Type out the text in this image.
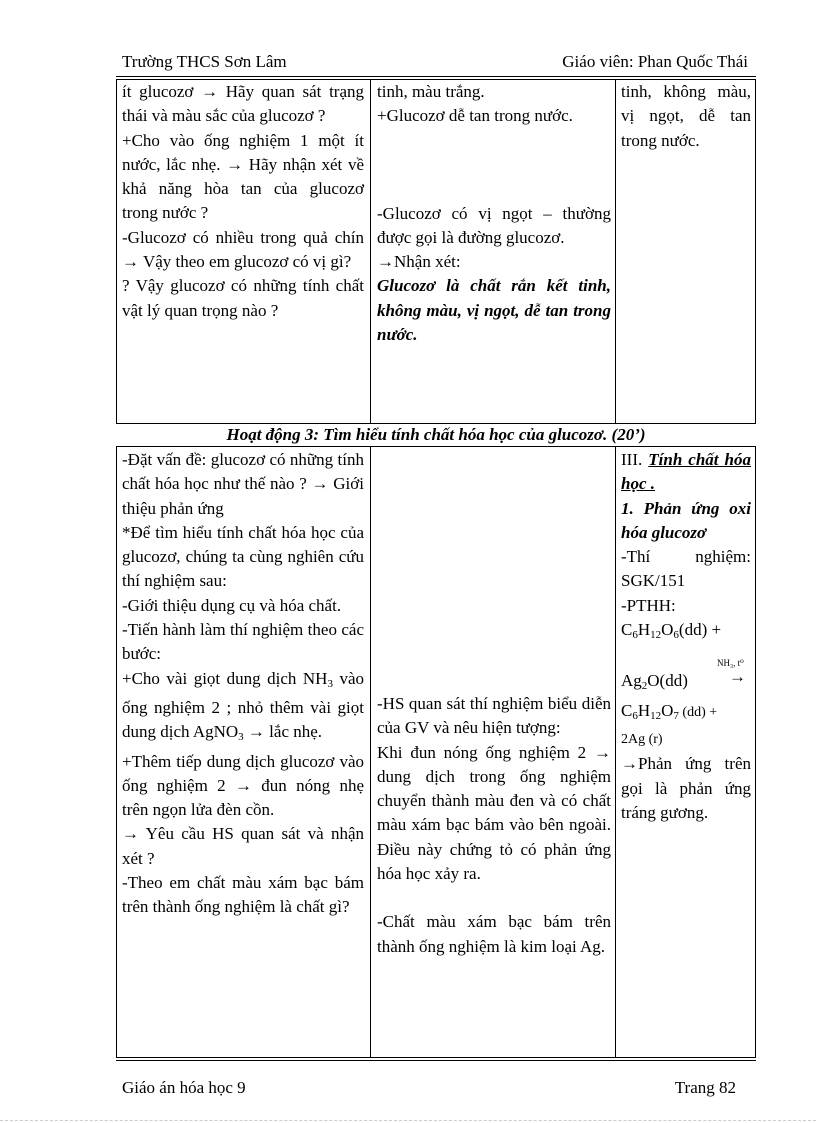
Trường THCS Sơn Lâm	Giáo viên: Phan Quốc Thái

ít glucozơ → Hãy quan sát trạng thái và màu sắc của glucozơ ?

+Cho vào ống nghiệm 1 một ít nước, lắc nhẹ. → Hãy nhận xét về khả năng hòa tan của glucozơ trong nước ?

-Glucozơ có nhiều trong quả chín → Vậy theo em glucozơ có vị gì?

? Vậy glucozơ có những tính chất vật lý quan trọng nào ?

tinh, màu trắng.

+Glucozơ dễ tan trong nước.

-Glucozơ có vị ngọt – thường được gọi là đường glucozơ.

→Nhận xét:

Glucozơ là chất rắn kết tinh, không màu, vị ngọt, dễ tan trong nước.

tinh, không màu, vị ngọt, dễ tan trong nước.

Hoạt động 3: Tìm hiểu tính chất hóa học của glucozơ. (20’)

-Đặt vấn đề: glucozơ có những tính chất hóa học như thế nào ? → Giới thiệu phản ứng

*Để tìm hiểu tính chất hóa học của glucozơ, chúng ta cùng nghiên cứu thí nghiệm sau:

-Giới thiệu dụng cụ và hóa chất.

-Tiến hành làm thí nghiệm theo các bước:

+Cho vài giọt dung dịch $NH_3$ vào ống nghiệm 2 ; nhỏ thêm vài giọt dung dịch AgNO$_3$ → lắc nhẹ.

+Thêm tiếp dung dịch glucozơ vào ống nghiệm 2 → đun nóng nhẹ trên ngọn lửa đèn cồn.

→ Yêu cầu HS quan sát và nhận xét ?

-Theo em chất màu xám bạc bám trên thành ống nghiệm là chất gì?

-HS quan sát thí nghiệm biểu diễn của GV và nêu hiện tượng:

Khi đun nóng ống nghiệm 2 → dung dịch trong ống nghiệm chuyển thành màu đen và có chất màu xám bạc bám vào bên ngoài. Điều này chứng tỏ có phản ứng hóa học xảy ra.

-Chất màu xám bạc bám trên thành ống nghiệm là kim loại Ag.

III. Tính chất hóa học .

1. Phản ứng oxi hóa glucozơ

-Thí nghiệm: SGK/151

-PTHH:

$C_6H_{12}O_6(dd)$ +

NH₃, t⁰
$Ag_2O(dd)$ →

$C_6H_{12}O_7$ (dd) +

2Ag (r)

→Phản ứng trên gọi là phản ứng tráng gương.

Giáo án hóa học 9	Trang 82
